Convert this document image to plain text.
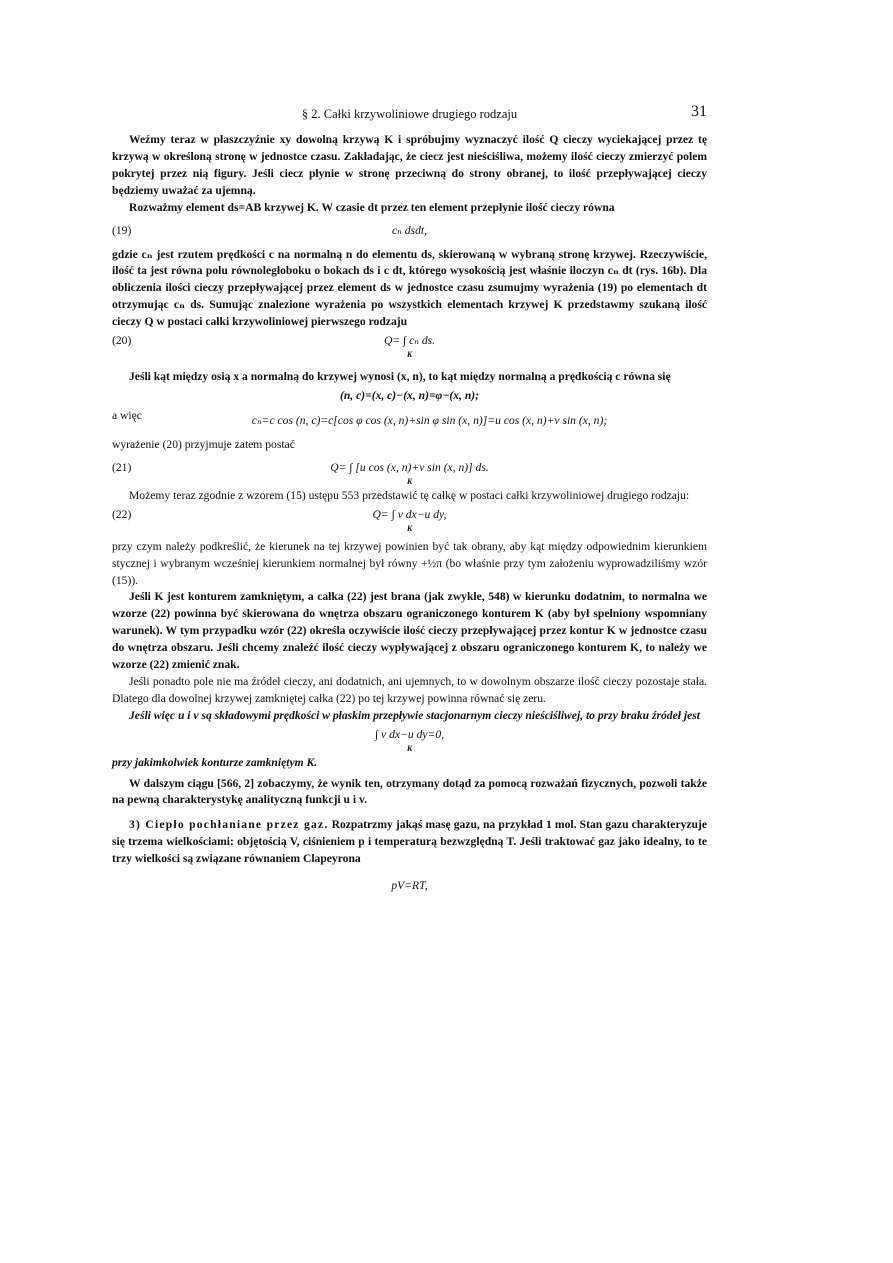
§ 2. Całki krzywoliniowe drugiego rodzaju	31

Weźmy teraz w płaszczyźnie xy dowolną krzywą K i spróbujmy wyznaczyć ilość Q cieczy wyciekającej przez tę krzywą w określoną stronę w jednostce czasu. Zakładając, że ciecz jest nieściśliwa, możemy ilość cieczy zmierzyć polem pokrytej przez nią figury. Jeśli ciecz płynie w stronę przeciwną do strony obranej, to ilość przepływającej cieczy będziemy uważać za ujemną.

Rozważmy element ds=AB krzywej K. W czasie dt przez ten element przepłynie ilość cieczy równa

(19)	cₙ dsdt,

gdzie cₙ jest rzutem prędkości c na normalną n do elementu ds, skierowaną w wybraną stronę krzywej. Rzeczywiście, ilość ta jest równa polu równoległoboku o bokach ds i c dt, którego wysokością jest właśnie iloczyn cₙ dt (rys. 16b). Dla obliczenia ilości cieczy przepływającej przez element ds w jednostce czasu zsumujmy wyrażenia (19) po elementach dt otrzymując cₙ ds. Sumując znalezione wyrażenia po wszystkich elementach krzywej K przedstawmy szukaną ilość cieczy Q w postaci całki krzywoliniowej pierwszego rodzaju

(20)	Q= ∫ cₙ ds.
K

Jeśli kąt między osią x a normalną do krzywej wynosi (x, n), to kąt między normalną a prędkością c równa się

(n, c)=(x, c)−(x, n)=φ−(x, n);

a więc	cₙ=c cos (n, c)=c[cos φ cos (x, n)+sin φ sin (x, n)]=u cos (x, n)+v sin (x, n);

wyrażenie (20) przyjmuje zatem postać

(21)	Q= ∫ [u cos (x, n)+v sin (x, n)] ds.
K

Możemy teraz zgodnie z wzorem (15) ustępu 553 przedstawić tę całkę w postaci całki krzywoliniowej drugiego rodzaju:

(22)	Q= ∫ v dx−u dy,
K

przy czym należy podkreślić, że kierunek na tej krzywej powinien być tak obrany, aby kąt między odpowiednim kierunkiem stycznej i wybranym wcześniej kierunkiem normalnej był równy +½π (bo właśnie przy tym założeniu wyprowadziliśmy wzór (15)).

Jeśli K jest konturem zamkniętym, a całka (22) jest brana (jak zwykle, 548) w kierunku dodatnim, to normalna we wzorze (22) powinna być skierowana do wnętrza obszaru ograniczonego konturem K (aby był spełniony wspomniany warunek). W tym przypadku wzór (22) określa oczywiście ilość cieczy przepływającej przez kontur K w jednostce czasu do wnętrza obszaru. Jeśli chcemy znaleźć ilość cieczy wypływającej z obszaru ograniczonego konturem K, to należy we wzorze (22) zmienić znak.

Jeśli ponadto pole nie ma źródeł cieczy, ani dodatnich, ani ujemnych, to w dowolnym obszarze ilość cieczy pozostaje stała. Dlatego dla dowolnej krzywej zamkniętej całka (22) po tej krzywej powinna równać się zeru.

Jeśli więc u i v są składowymi prędkości w płaskim przepływie stacjonarnym cieczy nieściśliwej, to przy braku źródeł jest

∫ v dx−u dy=0,
K

przy jakimkolwiek konturze zamkniętym K.

W dalszym ciągu [566, 2] zobaczymy, że wynik ten, otrzymany dotąd za pomocą rozważań fizycznych, pozwoli także na pewną charakterystykę analityczną funkcji u i v.

3) Ciepło pochłaniane przez gaz. Rozpatrzmy jakąś masę gazu, na przykład 1 mol. Stan gazu charakteryzuje się trzema wielkościami: objętością V, ciśnieniem p i temperaturą bezwzględną T. Jeśli traktować gaz jako idealny, to te trzy wielkości są związane równaniem Clapeyrona

pV=RT,
